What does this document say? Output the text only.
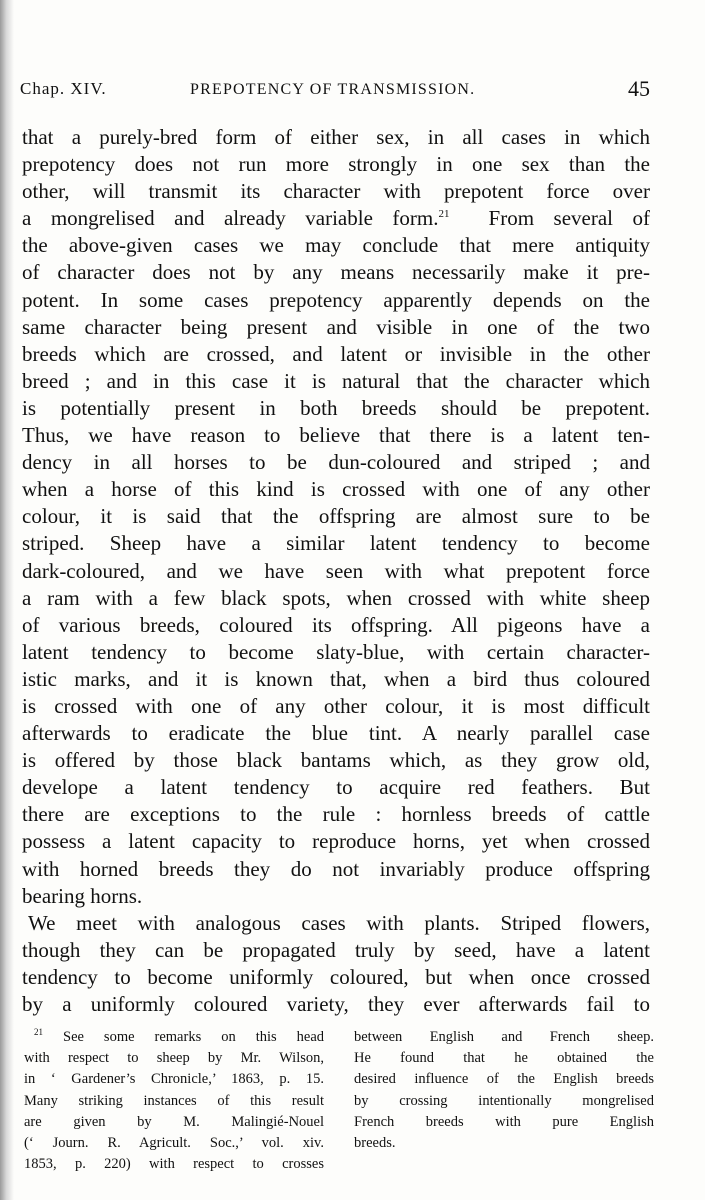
Chap. XIV.	PREPOTENCY OF TRANSMISSION.	45
that a purely-bred form of either sex, in all cases in which
prepotency does not run more strongly in one sex than the
other, will transmit its character with prepotent force over
a mongrelised and already variable form.$^{21}$  From several of
the above-given cases we may conclude that mere antiquity
of character does not by any means necessarily make it pre-
potent. In some cases prepotency apparently depends on the
same character being present and visible in one of the two
breeds which are crossed, and latent or invisible in the other
breed ; and in this case it is natural that the character which
is potentially present in both breeds should be prepotent.
Thus, we have reason to believe that there is a latent ten-
dency in all horses to be dun-coloured and striped ; and
when a horse of this kind is crossed with one of any other
colour, it is said that the offspring are almost sure to be
striped. Sheep have a similar latent tendency to become
dark-coloured, and we have seen with what prepotent force
a ram with a few black spots, when crossed with white sheep
of various breeds, coloured its offspring. All pigeons have a
latent tendency to become slaty-blue, with certain character-
istic marks, and it is known that, when a bird thus coloured
is crossed with one of any other colour, it is most difficult
afterwards to eradicate the blue tint. A nearly parallel case
is offered by those black bantams which, as they grow old,
develope a latent tendency to acquire red feathers. But
there are exceptions to the rule : hornless breeds of cattle
possess a latent capacity to reproduce horns, yet when crossed
with horned breeds they do not invariably produce offspring
bearing horns.
We meet with analogous cases with plants. Striped flowers,
though they can be propagated truly by seed, have a latent
tendency to become uniformly coloured, but when once crossed
by a uniformly coloured variety, they ever afterwards fail to
$^{21}$ See some remarks on this head
with respect to sheep by Mr. Wilson,
in ‘ Gardener’s Chronicle,’ 1863, p. 15.
Many striking instances of this result
are given by M. Malingié-Nouel
(‘ Journ. R. Agricult. Soc.,’ vol. xiv.
1853, p. 220) with respect to crosses
between English and French sheep.
He found that he obtained the
desired influence of the English breeds
by crossing intentionally mongrelised
French breeds with pure English
breeds.
